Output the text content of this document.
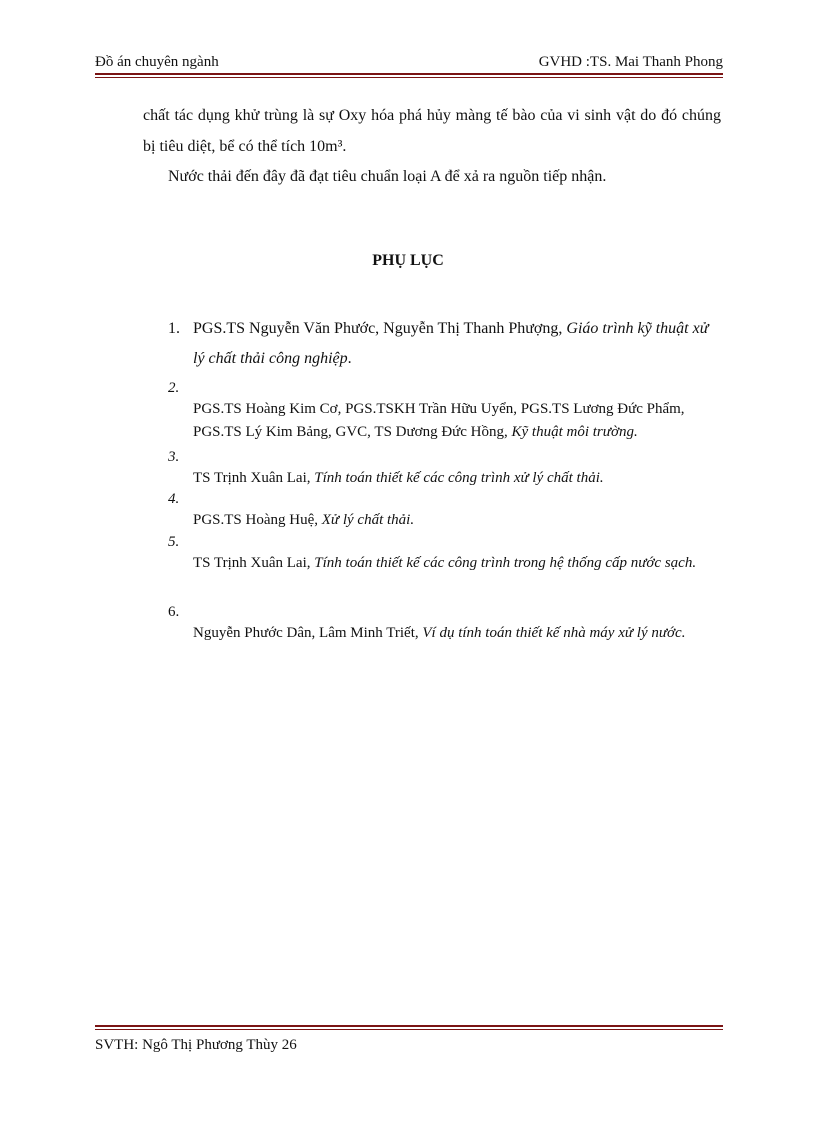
Đồ án chuyên ngành	GVHD :TS. Mai Thanh Phong

chất tác dụng khử trùng là sự Oxy hóa phá hủy màng tế bào của vi sinh vật do đó chúng bị tiêu diệt, bể có thể tích 10m³.

Nước thải đến đây đã đạt tiêu chuẩn loại A để xả ra nguồn tiếp nhận.

PHỤ LỤC
1. PGS.TS Nguyễn Văn Phước, Nguyễn Thị Thanh Phượng, Giáo trình kỹ thuật xử lý chất thải công nghiệp.
2.
PGS.TS Hoàng Kim Cơ, PGS.TSKH Trần Hữu Uyển, PGS.TS Lương Đức Phẩm, PGS.TS Lý Kim Bảng, GVC, TS Dương Đức Hồng, Kỹ thuật môi trường.
3.
TS Trịnh Xuân Lai, Tính toán thiết kế các công trình xử lý chất thải.
4.
PGS.TS Hoàng Huệ, Xử lý chất thải.
5.
TS Trịnh Xuân Lai, Tính toán thiết kế các công trình trong hệ thống cấp nước sạch.
6.
Nguyễn Phước Dân, Lâm Minh Triết, Ví dụ tính toán thiết kế nhà máy xử lý nước.
SVTH: Ngô Thị Phương Thùy 26
